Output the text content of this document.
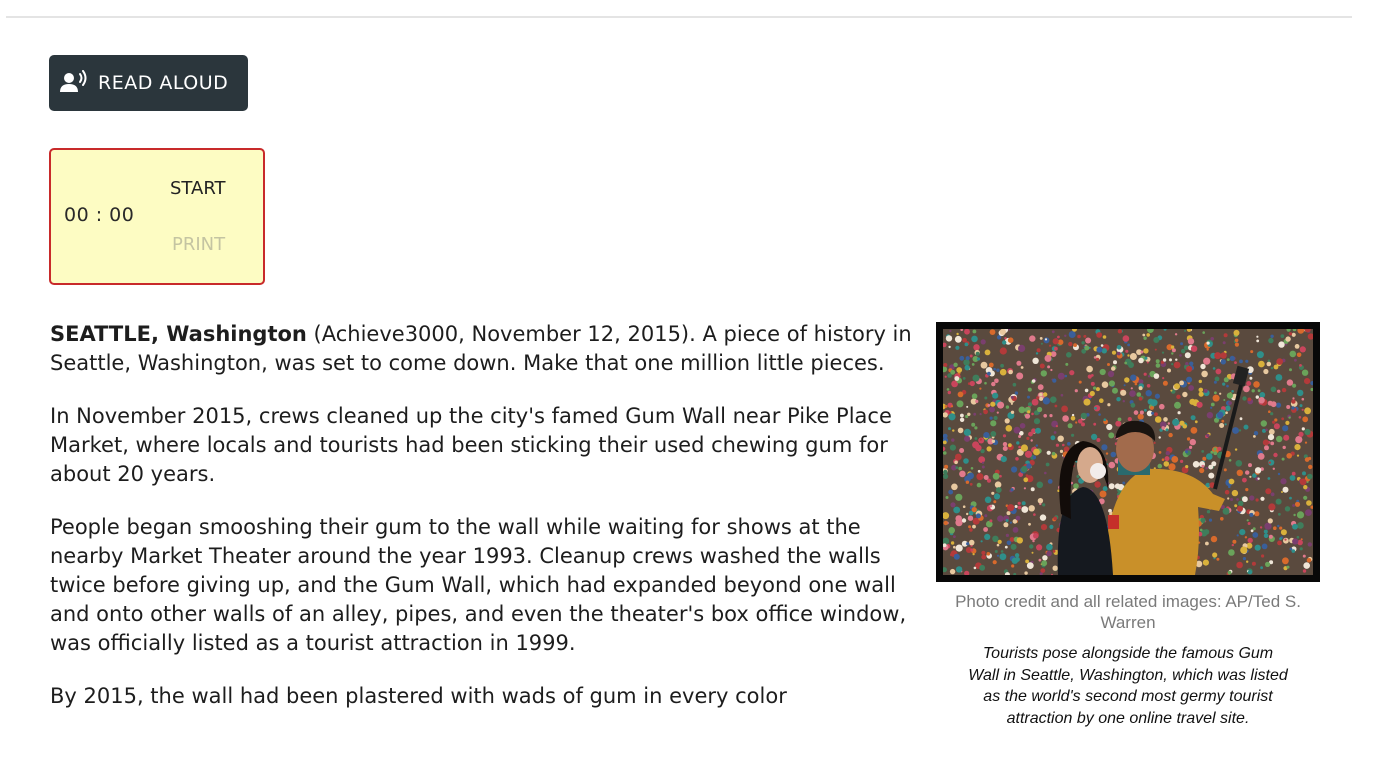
READ ALOUD
00 : 00
START
PRINT

SEATTLE, Washington (Achieve3000, November 12, 2015). A piece of history in Seattle, Washington, was set to come down. Make that one million little pieces.

In November 2015, crews cleaned up the city's famed Gum Wall near Pike Place Market, where locals and tourists had been sticking their used chewing gum for about 20 years.

People began smooshing their gum to the wall while waiting for shows at the nearby Market Theater around the year 1993. Cleanup crews washed the walls twice before giving up, and the Gum Wall, which had expanded beyond one wall and onto other walls of an alley, pipes, and even the theater's box office window, was officially listed as a tourist attraction in 1999.

By 2015, the wall had been plastered with wads of gum in every color

Photo credit and all related images: AP/Ted S. Warren
Tourists pose alongside the famous Gum Wall in Seattle, Washington, which was listed as the world's second most germy tourist attraction by one online travel site.
